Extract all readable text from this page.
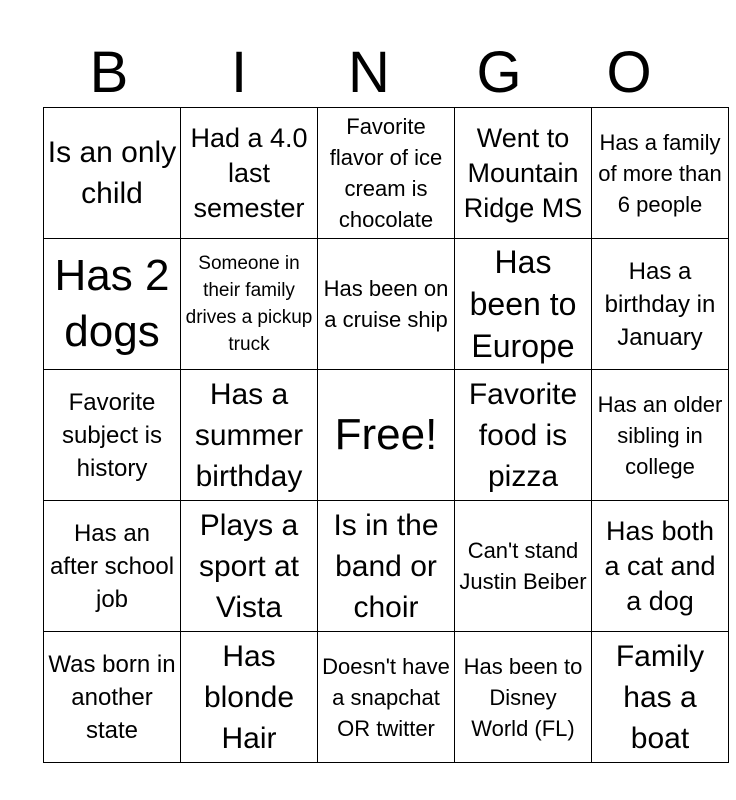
B	I	N	G	O
Is an only child	Had a 4.0 last semester	Favorite flavor of ice cream is chocolate	Went to Mountain Ridge MS	Has a family of more than 6 people

Has 2 dogs	Someone in their family drives a pickup truck	Has been on a cruise ship	Has been to Europe	Has a birthday in January

Favorite subject is history	Has a summer birthday	Free!	Favorite food is pizza	Has an older sibling in college

Has an after school job	Plays a sport at Vista	Is in the band or choir	Can't stand Justin Beiber	Has both a cat and a dog

Was born in another state	Has blonde Hair	Doesn't have a snapchat OR twitter	Has been to Disney World (FL)	Family has a boat
